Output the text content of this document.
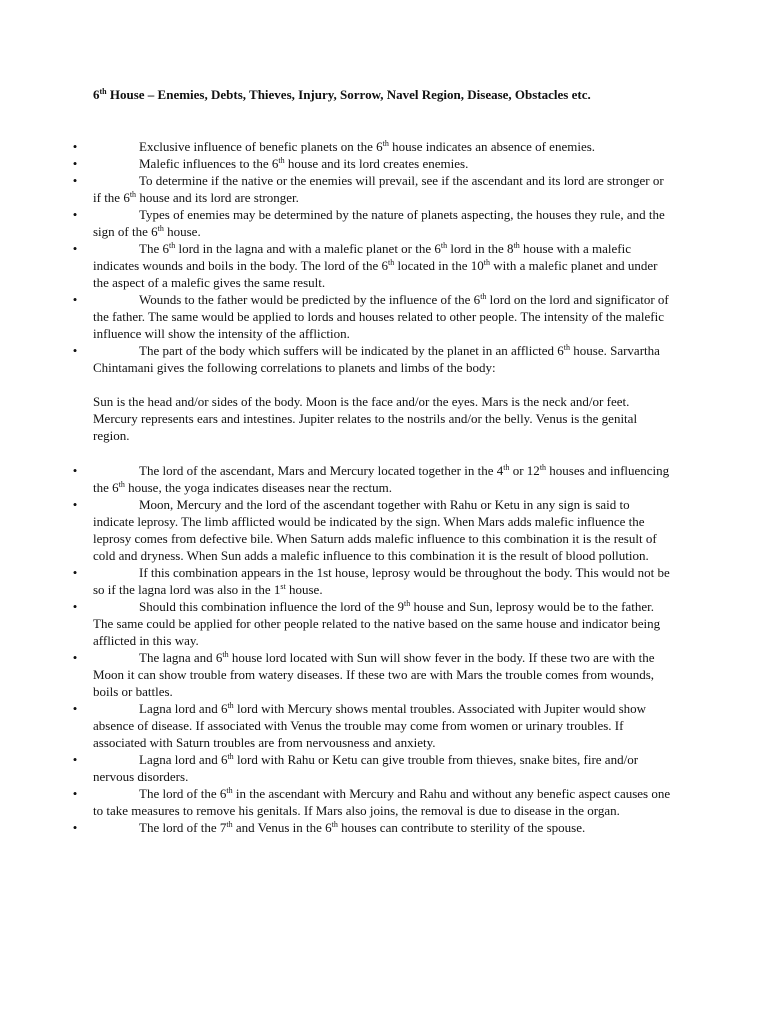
6th House – Enemies, Debts, Thieves, Injury, Sorrow, Navel Region, Disease, Obstacles etc.

•	Exclusive influence of benefic planets on the 6th house indicates an absence of enemies.

•	Malefic influences to the 6th house and its lord creates enemies.

•	To determine if the native or the enemies will prevail, see if the ascendant and its lord are stronger or if the 6th house and its lord are stronger.

•	Types of enemies may be determined by the nature of planets aspecting, the houses they rule, and the sign of the 6th house.

•	The 6th lord in the lagna and with a malefic planet or the 6th lord in the 8th house with a malefic indicates wounds and boils in the body. The lord of the 6th located in the 10th with a malefic planet and under the aspect of a malefic gives the same result.

•	Wounds to the father would be predicted by the influence of the 6th lord on the lord and significator of the father. The same would be applied to lords and houses related to other people. The intensity of the malefic influence will show the intensity of the affliction.

•	The part of the body which suffers will be indicated by the planet in an afflicted 6th house. Sarvartha Chintamani gives the following correlations to planets and limbs of the body:

Sun is the head and/or sides of the body. Moon is the face and/or the eyes. Mars is the neck and/or feet. Mercury represents ears and intestines. Jupiter relates to the nostrils and/or the belly. Venus is the genital region.

•	The lord of the ascendant, Mars and Mercury located together in the 4th or 12th houses and influencing the 6th house, the yoga indicates diseases near the rectum.

•	Moon, Mercury and the lord of the ascendant together with Rahu or Ketu in any sign is said to indicate leprosy. The limb afflicted would be indicated by the sign. When Mars adds malefic influence the leprosy comes from defective bile. When Saturn adds malefic influence to this combination it is the result of cold and dryness. When Sun adds a malefic influence to this combination it is the result of blood pollution.

•	If this combination appears in the 1st house, leprosy would be throughout the body. This would not be so if the lagna lord was also in the 1st house.

•	Should this combination influence the lord of the 9th house and Sun, leprosy would be to the father. The same could be applied for other people related to the native based on the same house and indicator being afflicted in this way.

•	The lagna and 6th house lord located with Sun will show fever in the body. If these two are with the Moon it can show trouble from watery diseases. If these two are with Mars the trouble comes from wounds, boils or battles.

•	Lagna lord and 6th lord with Mercury shows mental troubles. Associated with Jupiter would show absence of disease. If associated with Venus the trouble may come from women or urinary troubles. If associated with Saturn troubles are from nervousness and anxiety.

•	Lagna lord and 6th lord with Rahu or Ketu can give trouble from thieves, snake bites, fire and/or nervous disorders.

•	The lord of the 6th in the ascendant with Mercury and Rahu and without any benefic aspect causes one to take measures to remove his genitals. If Mars also joins, the removal is due to disease in the organ.

•	The lord of the 7th and Venus in the 6th houses can contribute to sterility of the spouse.
